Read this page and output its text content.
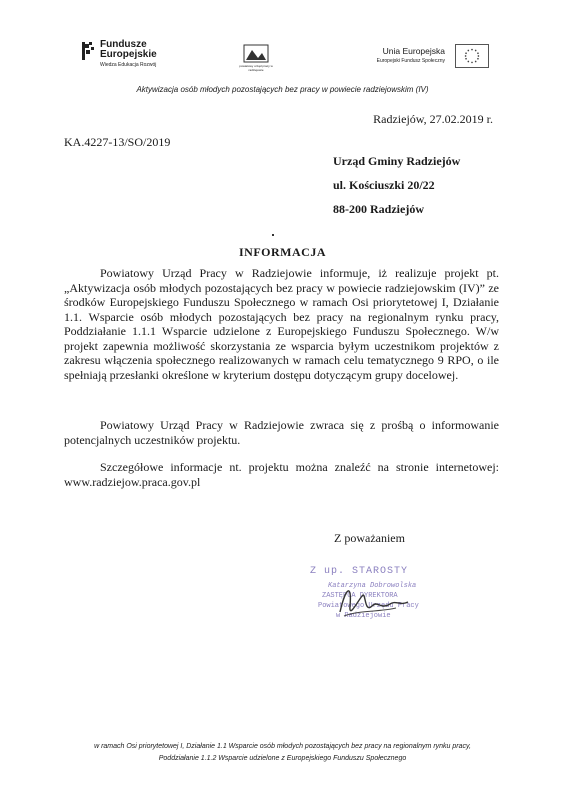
Fundusze
Europejskie
Wiedza Edukacja Rozwój	powiatowy urząd pracy w radziejowie
Unia Europejska
Europejski Fundusz Społeczny
Aktywizacja osób młodych pozostających bez pracy w powiecie radziejowskim (IV)
Radziejów, 27.02.2019 r.
KA.4227-13/SO/2019
Urząd Gminy Radziejów
ul. Kościuszki 20/22
88-200 Radziejów
INFORMACJA
Powiatowy Urząd Pracy w Radziejowie informuje, iż realizuje projekt pt. „Aktywizacja osób młodych pozostających bez pracy w powiecie radziejowskim (IV)” ze środków Europejskiego Funduszu Społecznego w ramach Osi priorytetowej I, Działanie 1.1. Wsparcie osób młodych pozostających bez pracy na regionalnym rynku pracy, Poddziałanie 1.1.1 Wsparcie udzielone z Europejskiego Funduszu Społecznego. W/w projekt zapewnia możliwość skorzystania ze wsparcia byłym uczestnikom projektów z zakresu włączenia społecznego realizowanych w ramach celu tematycznego 9 RPO, o ile spełniają przesłanki określone w kryterium dostępu dotyczącym grupy docelowej.
Powiatowy Urząd Pracy w Radziejowie zwraca się z prośbą o informowanie potencjalnych uczestników projektu.
Szczegółowe informacje nt. projektu można znaleźć na stronie internetowej: www.radziejow.praca.gov.pl
Z poważaniem
Z up. STAROSTY
Katarzyna Dobrowolska
ZASTĘPCA DYREKTORA
Powiatowego Urzędu Pracy
w Radziejowie
w ramach Osi priorytetowej I, Działanie 1.1 Wsparcie osób młodych pozostających bez pracy na regionalnym rynku pracy,
Poddziałanie 1.1.2 Wsparcie udzielone z Europejskiego Funduszu Społecznego
